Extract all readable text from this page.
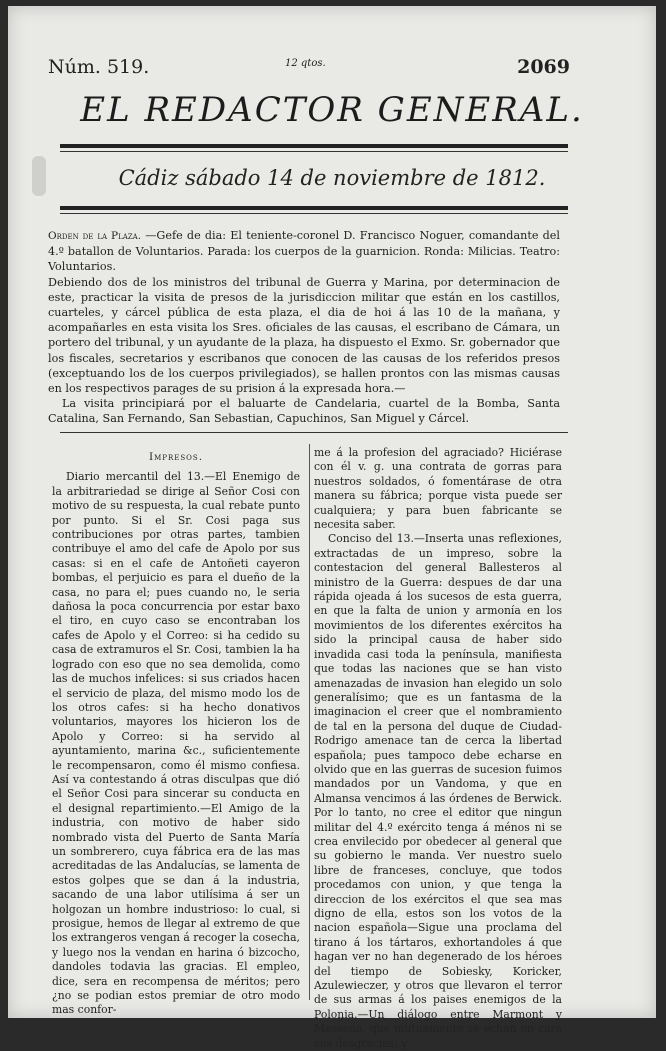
Núm. 519.	12 qtos.	2069
EL REDACTOR GENERAL.
Cádiz sábado 14 de noviembre de 1812.

Orden de la Plaza. —Gefe de dia: El teniente-coronel D. Francisco Noguer, comandante del 4.º batallon de Voluntarios. Parada: los cuerpos de la guarnicion. Ronda: Milicias. Teatro: Voluntarios.

Debiendo dos de los ministros del tribunal de Guerra y Marina, por determinacion de este, practicar la visita de presos de la jurisdiccion militar que están en los castillos, cuarteles, y cárcel pública de esta plaza, el dia de hoi á las 10 de la mañana, y acompañarles en esta visita los Sres. oficiales de las causas, el escribano de Cámara, un portero del tribunal, y un ayudante de la plaza, ha dispuesto el Exmo. Sr. gobernador que los fiscales, secretarios y escribanos que conocen de las causas de los referidos presos (exceptuando los de los cuerpos privilegiados), se hallen prontos con las mismas causas en los respectivos parages de su prision á la expresada hora.—

La visita principiará por el baluarte de Candelaria, cuartel de la Bomba, Santa Catalina, San Fernando, San Sebastian, Capuchinos, San Miguel y Cárcel.

Impresos.

Diario mercantil del 13.—El Enemigo de la arbitrariedad se dirige al Señor Cosi con motivo de su respuesta, la cual rebate punto por punto. Si el Sr. Cosi paga sus contribuciones por otras partes, tambien contribuye el amo del cafe de Apolo por sus casas: si en el cafe de Antoñeti cayeron bombas, el perjuicio es para el dueño de la casa, no para el; pues cuando no, le seria dañosa la poca concurrencia por estar baxo el tiro, en cuyo caso se encontraban los cafes de Apolo y el Correo: si ha cedido su casa de extramuros el Sr. Cosi, tambien la ha logrado con eso que no sea demolida, como las de muchos infelices: si sus criados hacen el servicio de plaza, del mismo modo los de los otros cafes: si ha hecho donativos voluntarios, mayores los hicieron los de Apolo y Correo: si ha servido al ayuntamiento, marina &c., suficientemente le recompensaron, como él mismo confiesa. Así va contestando á otras disculpas que dió el Señor Cosi para sincerar su conducta en el designal repartimiento.—El Amigo de la industria, con motivo de haber sido nombrado vista del Puerto de Santa María un sombrerero, cuya fábrica era de las mas acreditadas de las Andalucías, se lamenta de estos golpes que se dan á la industria, sacando de una labor utilísima á ser un holgozan un hombre industrioso: lo cual, si prosigue, hemos de llegar al extremo de que los extrangeros vengan á recoger la cosecha, y luego nos la vendan en harina ó bizcocho, dandoles todavia las gracias. El empleo, dice, sera en recompensa de méritos; pero ¿no se podian estos premiar de otro modo mas confor-

me á la profesion del agraciado? Hiciérase con él v. g. una contrata de gorras para nuestros soldados, ó fomentárase de otra manera su fábrica; porque vista puede ser cualquiera; y para buen fabricante se necesita saber.

Conciso del 13.—Inserta unas reflexiones, extractadas de un impreso, sobre la contestacion del general Ballesteros al ministro de la Guerra: despues de dar una rápida ojeada á los sucesos de esta guerra, en que la falta de union y armonía en los movimientos de los diferentes exércitos ha sido la principal causa de haber sido invadida casi toda la península, manifiesta que todas las naciones que se han visto amenazadas de invasion han elegido un solo generalísimo; que es un fantasma de la imaginacion el creer que el nombramiento de tal en la persona del duque de Ciudad-Rodrigo amenace tan de cerca la libertad española; pues tampoco debe echarse en olvido que en las guerras de sucesion fuimos mandados por un Vandoma, y que en Almansa vencimos á las órdenes de Berwick. Por lo tanto, no cree el editor que ningun militar del 4.º exército tenga á ménos ni se crea envilecido por obedecer al general que su gobierno le manda. Ver nuestro suelo libre de franceses, concluye, que todos procedamos con union, y que tenga la direccion de los exércitos el que sea mas digno de ella, estos son los votos de la nacion española—Sigue una proclama del tirano á los tártaros, exhortandoles á que hagan ver no han degenerado de los héroes del tiempo de Sobiesky, Koricker, Azulewieczer, y otros que llevaron el terror de sus armas á los paises enemigos de la Polonia.—Un diálogo entre Marmont y Massena, que mutuamente se echan en cara sus desgracias; y
